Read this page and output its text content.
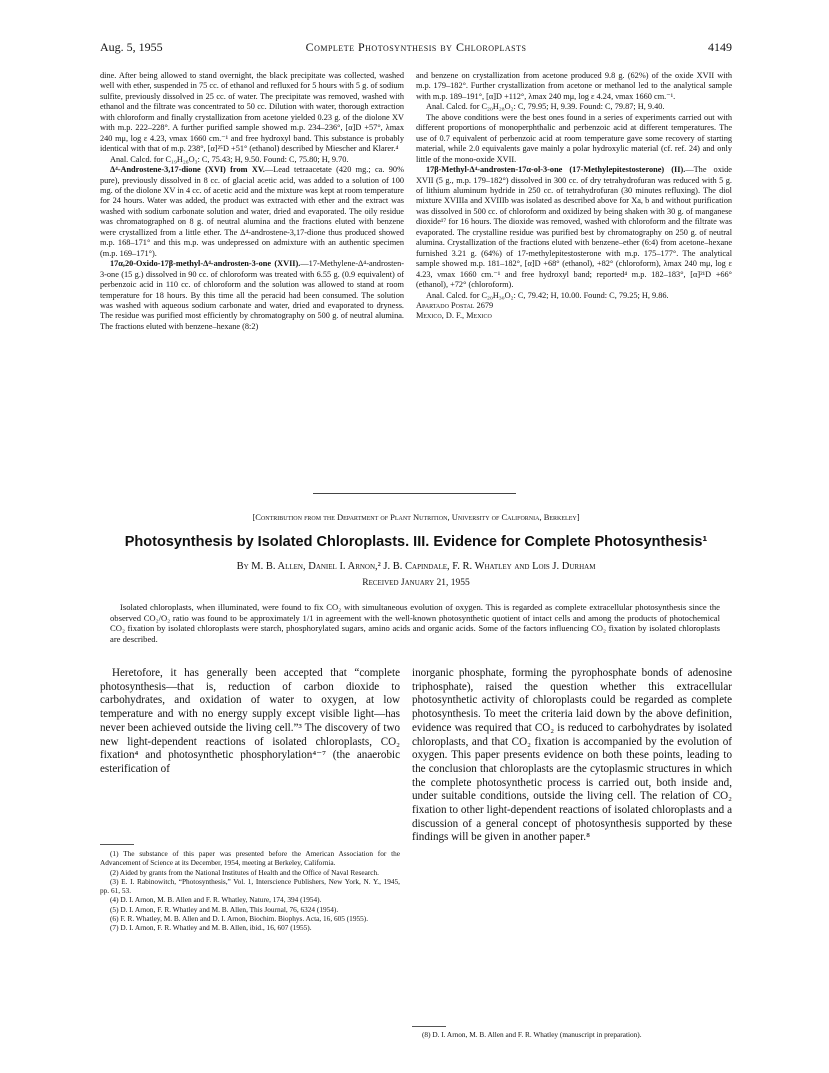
Aug. 5, 1955	Complete Photosynthesis by Chloroplasts	4149

dine. After being allowed to stand overnight, the black precipitate was collected, washed well with ether, suspended in 75 cc. of ethanol and refluxed for 5 hours with 5 g. of sodium sulfite, previously dissolved in 25 cc. of water. The precipitate was removed, washed with ethanol and the filtrate was concentrated to 50 cc. Dilution with water, thorough extraction with chloroform and finally crystallization from acetone yielded 0.23 g. of the diolone XV with m.p. 222–228°. A further purified sample showed m.p. 234–236°, [α]D +57°, λmax 240 mμ, log ε 4.23, νmax 1660 cm.⁻¹ and free hydroxyl band. This substance is probably identical with that of m.p. 238°, [α]²⁵D +51° (ethanol) described by Miescher and Klarer.⁴

Anal. Calcd. for C₁₉H₂₆O₃: C, 75.43; H, 9.50. Found: C, 75.80; H, 9.70.

Δ⁴-Androstene-3,17-dione (XVI) from XV.—Lead tetraacetate (420 mg.; ca. 90% pure), previously dissolved in 8 cc. of glacial acetic acid, was added to a solution of 100 mg. of the diolone XV in 4 cc. of acetic acid and the mixture was kept at room temperature for 24 hours. Water was added, the product was extracted with ether and the extract was washed with sodium carbonate solution and water, dried and evaporated. The oily residue was chromatographed on 8 g. of neutral alumina and the fractions eluted with benzene were crystallized from a little ether. The Δ⁴-androstene-3,17-dione thus produced showed m.p. 168–171° and this m.p. was undepressed on admixture with an authentic specimen (m.p. 169–171°).

17α,20-Oxido-17β-methyl-Δ⁴-androsten-3-one (XVII).—17-Methylene-Δ⁴-androsten-3-one (15 g.) dissolved in 90 cc. of chloroform was treated with 6.55 g. (0.9 equivalent) of perbenzoic acid in 110 cc. of chloroform and the solution was allowed to stand at room temperature for 18 hours. By this time all the peracid had been consumed. The solution was washed with aqueous sodium carbonate and water, dried and evaporated to dryness. The residue was purified most efficiently by chromatography on 500 g. of neutral alumina. The fractions eluted with benzene–hexane (8:2)

and benzene on crystallization from acetone produced 9.8 g. (62%) of the oxide XVII with m.p. 179–182°. Further crystallization from acetone or methanol led to the analytical sample with m.p. 189–191°, [α]D +112°, λmax 240 mμ, log ε 4.24, νmax 1660 cm.⁻¹.

Anal. Calcd. for C₂₀H₂₈O₂: C, 79.95; H, 9.39. Found: C, 79.87; H, 9.40.

The above conditions were the best ones found in a series of experiments carried out with different proportions of monoperphthalic and perbenzoic acid at different temperatures. The use of 0.7 equivalent of perbenzoic acid at room temperature gave some recovery of starting material, while 2.0 equivalents gave mainly a polar hydroxylic material (cf. ref. 24) and only little of the mono-oxide XVII.

17β-Methyl-Δ⁴-androsten-17α-ol-3-one (17-Methylepitestosterone) (II).—The oxide XVII (5 g., m.p. 179–182°) dissolved in 300 cc. of dry tetrahydrofuran was reduced with 5 g. of lithium aluminum hydride in 250 cc. of tetrahydrofuran (30 minutes refluxing). The diol mixture XVIIIa and XVIIIb was isolated as described above for Xa, b and without purification was dissolved in 500 cc. of chloroform and oxidized by being shaken with 30 g. of manganese dioxide¹⁷ for 16 hours. The dioxide was removed, washed with chloroform and the filtrate was evaporated. The crystalline residue was purified best by chromatography on 250 g. of neutral alumina. Crystallization of the fractions eluted with benzene–ether (6:4) from acetone–hexane furnished 3.21 g. (64%) of 17-methylepitestosterone with m.p. 175–177°. The analytical sample showed m.p. 181–182°, [α]D +68° (ethanol), +82° (chloroform), λmax 240 mμ, log ε 4.23, νmax 1660 cm.⁻¹ and free hydroxyl band; reported⁴ m.p. 182–183°, [α]²¹D +66° (ethanol), +72° (chloroform).

Anal. Calcd. for C₂₀H₃₀O₂: C, 79.42; H, 10.00. Found: C, 79.25; H, 9.86.

Apartado Postal 2679

Mexico, D. F., Mexico

[Contribution from the Department of Plant Nutrition, University of California, Berkeley]
Photosynthesis by Isolated Chloroplasts. III. Evidence for Complete Photosynthesis¹
By M. B. Allen, Daniel I. Arnon,² J. B. Capindale, F. R. Whatley and Lois J. Durham
Received January 21, 1955
Isolated chloroplasts, when illuminated, were found to fix CO₂ with simultaneous evolution of oxygen. This is regarded as complete extracellular photosynthesis since the observed CO₂/O₂ ratio was found to be approximately 1/1 in agreement with the well-known photosynthetic quotient of intact cells and among the products of photochemical CO₂ fixation by isolated chloroplasts were starch, phosphorylated sugars, amino acids and organic acids. Some of the factors influencing CO₂ fixation by isolated chloroplasts are described.
Heretofore, it has generally been accepted that “complete photosynthesis—that is, reduction of carbon dioxide to carbohydrates, and oxidation of water to oxygen, at low temperature and with no energy supply except visible light—has never been achieved outside the living cell.”³ The discovery of two new light-dependent reactions of isolated chloroplasts, CO₂ fixation⁴ and photosynthetic phosphorylation⁴⁻⁷ (the anaerobic esterification of
inorganic phosphate, forming the pyrophosphate bonds of adenosine triphosphate), raised the question whether this extracellular photosynthetic activity of chloroplasts could be regarded as complete photosynthesis. To meet the criteria laid down by the above definition, evidence was required that CO₂ is reduced to carbohydrates by isolated chloroplasts, and that CO₂ fixation is accompanied by the evolution of oxygen. This paper presents evidence on both these points, leading to the conclusion that chloroplasts are the cytoplasmic structures in which the complete photosynthetic process is carried out, both inside and, under suitable conditions, outside the living cell. The relation of CO₂ fixation to other light-dependent reactions of isolated chloroplasts and a discussion of a general concept of photosynthesis supported by these findings will be given in another paper.⁸

(1) The substance of this paper was presented before the American Association for the Advancement of Science at its December, 1954, meeting at Berkeley, California.

(2) Aided by grants from the National Institutes of Health and the Office of Naval Research.

(3) E. I. Rabinowitch, “Photosynthesis,” Vol. 1, Interscience Publishers, New York, N. Y., 1945, pp. 61, 53.

(4) D. I. Arnon, M. B. Allen and F. R. Whatley, Nature, 174, 394 (1954).

(5) D. I. Arnon, F. R. Whatley and M. B. Allen, This Journal, 76, 6324 (1954).

(6) F. R. Whatley, M. B. Allen and D. I. Arnon, Biochim. Biophys. Acta, 16, 605 (1955).

(7) D. I. Arnon, F. R. Whatley and M. B. Allen, ibid., 16, 607 (1955).

(8) D. I. Arnon, M. B. Allen and F. R. Whatley (manuscript in preparation).
